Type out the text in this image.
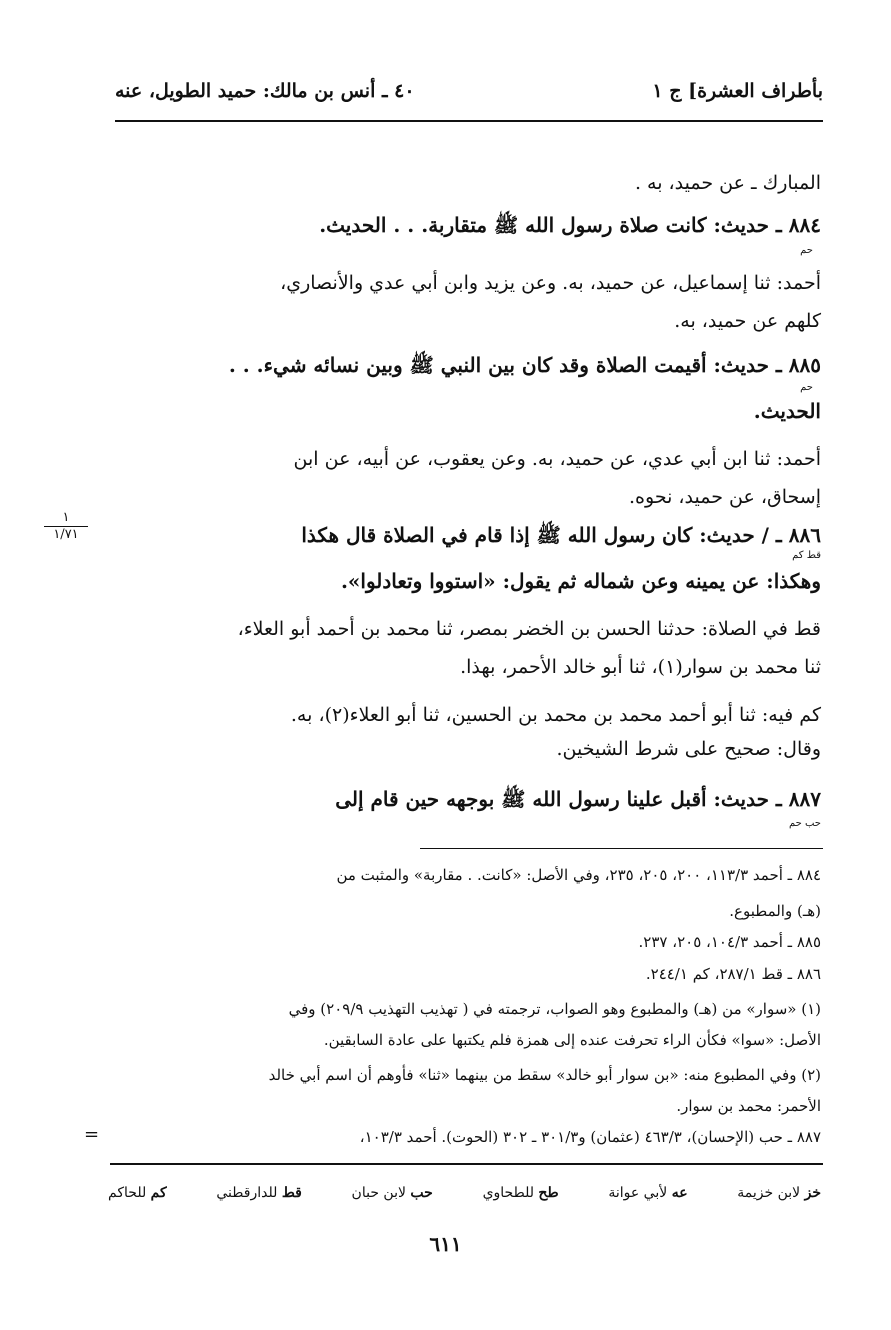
بأطراف العشرة] ج ١
٤٠ ـ أنس بن مالك: حميد الطويل، عنه
المبارك ـ عن حميد، به .
٨٨٤ ـ حديث: كانت صلاة رسول الله ﷺ متقاربة. . . الحديث.
حم
أحمد: ثنا إسماعيل، عن حميد، به. وعن يزيد وابن أبي عدي والأنصاري،
كلهم عن حميد، به.
٨٨٥ ـ حديث: أقيمت الصلاة وقد كان بين النبي ﷺ وبين نسائه شيء. . .
حم
الحديث.
أحمد: ثنا ابن أبي عدي، عن حميد، به. وعن يعقوب، عن أبيه، عن ابن
إسحاق، عن حميد، نحوه.
٨٨٦ ـ / حديث: كان رسول الله ﷺ إذا قام في الصلاة قال هكذا
قط كم
وهكذا: عن يمينه وعن شماله ثم يقول: «استووا وتعادلوا».
قط في الصلاة: حدثنا الحسن بن الخضر بمصر، ثنا محمد بن أحمد أبو العلاء،
ثنا محمد بن سوار(١)، ثنا أبو خالد الأحمر، بهذا.
كم فيه: ثنا أبو أحمد محمد بن محمد بن الحسين، ثنا أبو العلاء(٢)، به.
وقال: صحيح على شرط الشيخين.
٨٨٧ ـ حديث: أقبل علينا رسول الله ﷺ بوجهه حين قام إلى
حب حم
١
١/٧١
٨٨٤ ـ أحمد ١١٣/٣، ٢٠٠، ٢٠٥، ٢٣٥، وفي الأصل: «كانت. . مقاربة» والمثبت من
(هـ) والمطبوع.
٨٨٥ ـ أحمد ١٠٤/٣، ٢٠٥، ٢٣٧.
٨٨٦ ـ قط ٢٨٧/١، كم ٢٤٤/١.
(١) «سوار» من (هـ) والمطبوع وهو الصواب، ترجمته في ( تهذيب التهذيب ٢٠٩/٩) وفي
الأصل: «سوا» فكأن الراء تحرفت عنده إلى همزة فلم يكتبها على عادة السابقين.
(٢) وفي المطبوع منه: «بن سوار أبو خالد» سقط من بينهما «ثنا» فأوهم أن اسم أبي خالد
الأحمر: محمد بن سوار.
٨٨٧ ـ حب (الإحسان)، ٤٦٣/٣ (عثمان) و٣٠١/٣ ـ ٣٠٢ (الحوت). أحمد ١٠٣/٣،
=
خز لابن خزيمة
عه لأبي عوانة
طح للطحاوي
حب لابن حبان
قط للدارقطني
كم للحاكم
٦١١
